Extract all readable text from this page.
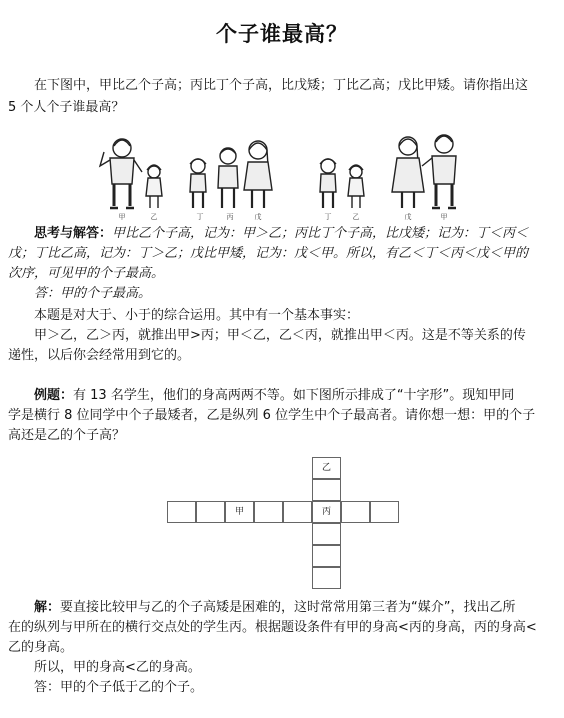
个子谁最高？
在下图中，甲比乙个子高；丙比丁个子高，比戊矮；丁比乙高；戊比甲矮。请你指出这
5 个人个子谁最高？
甲	乙	丁	丙	戊	丁	乙	戊	甲
思考与解答：甲比乙个子高，记为：甲＞乙；丙比丁个子高，比戊矮；记为：丁＜丙＜
戊；丁比乙高，记为：丁＞乙；戊比甲矮，记为：戊＜甲。所以，有乙＜丁＜丙＜戊＜甲的
次序，可见甲的个子最高。
答：甲的个子最高。
本题是对大于、小于的综合运用。其中有一个基本事实：
甲＞乙，乙＞丙，就推出甲>丙；甲＜乙，乙＜丙，就推出甲＜丙。这是不等关系的传
递性，以后你会经常用到它的。
例题：有 13 名学生，他们的身高两两不等。如下图所示排成了“十字形”。现知甲同
学是横行 8 位同学中个子最矮者，乙是纵列 6 位学生中个子最高者。请你想一想：甲的个子
高还是乙的个子高？
乙
甲	丙
解：要直接比较甲与乙的个子高矮是困难的，这时常常用第三者为“媒介”，找出乙所
在的纵列与甲所在的横行交点处的学生丙。根据题设条件有甲的身高<丙的身高，丙的身高<
乙的身高。
所以，甲的身高<乙的身高。
答：甲的个子低于乙的个子。
